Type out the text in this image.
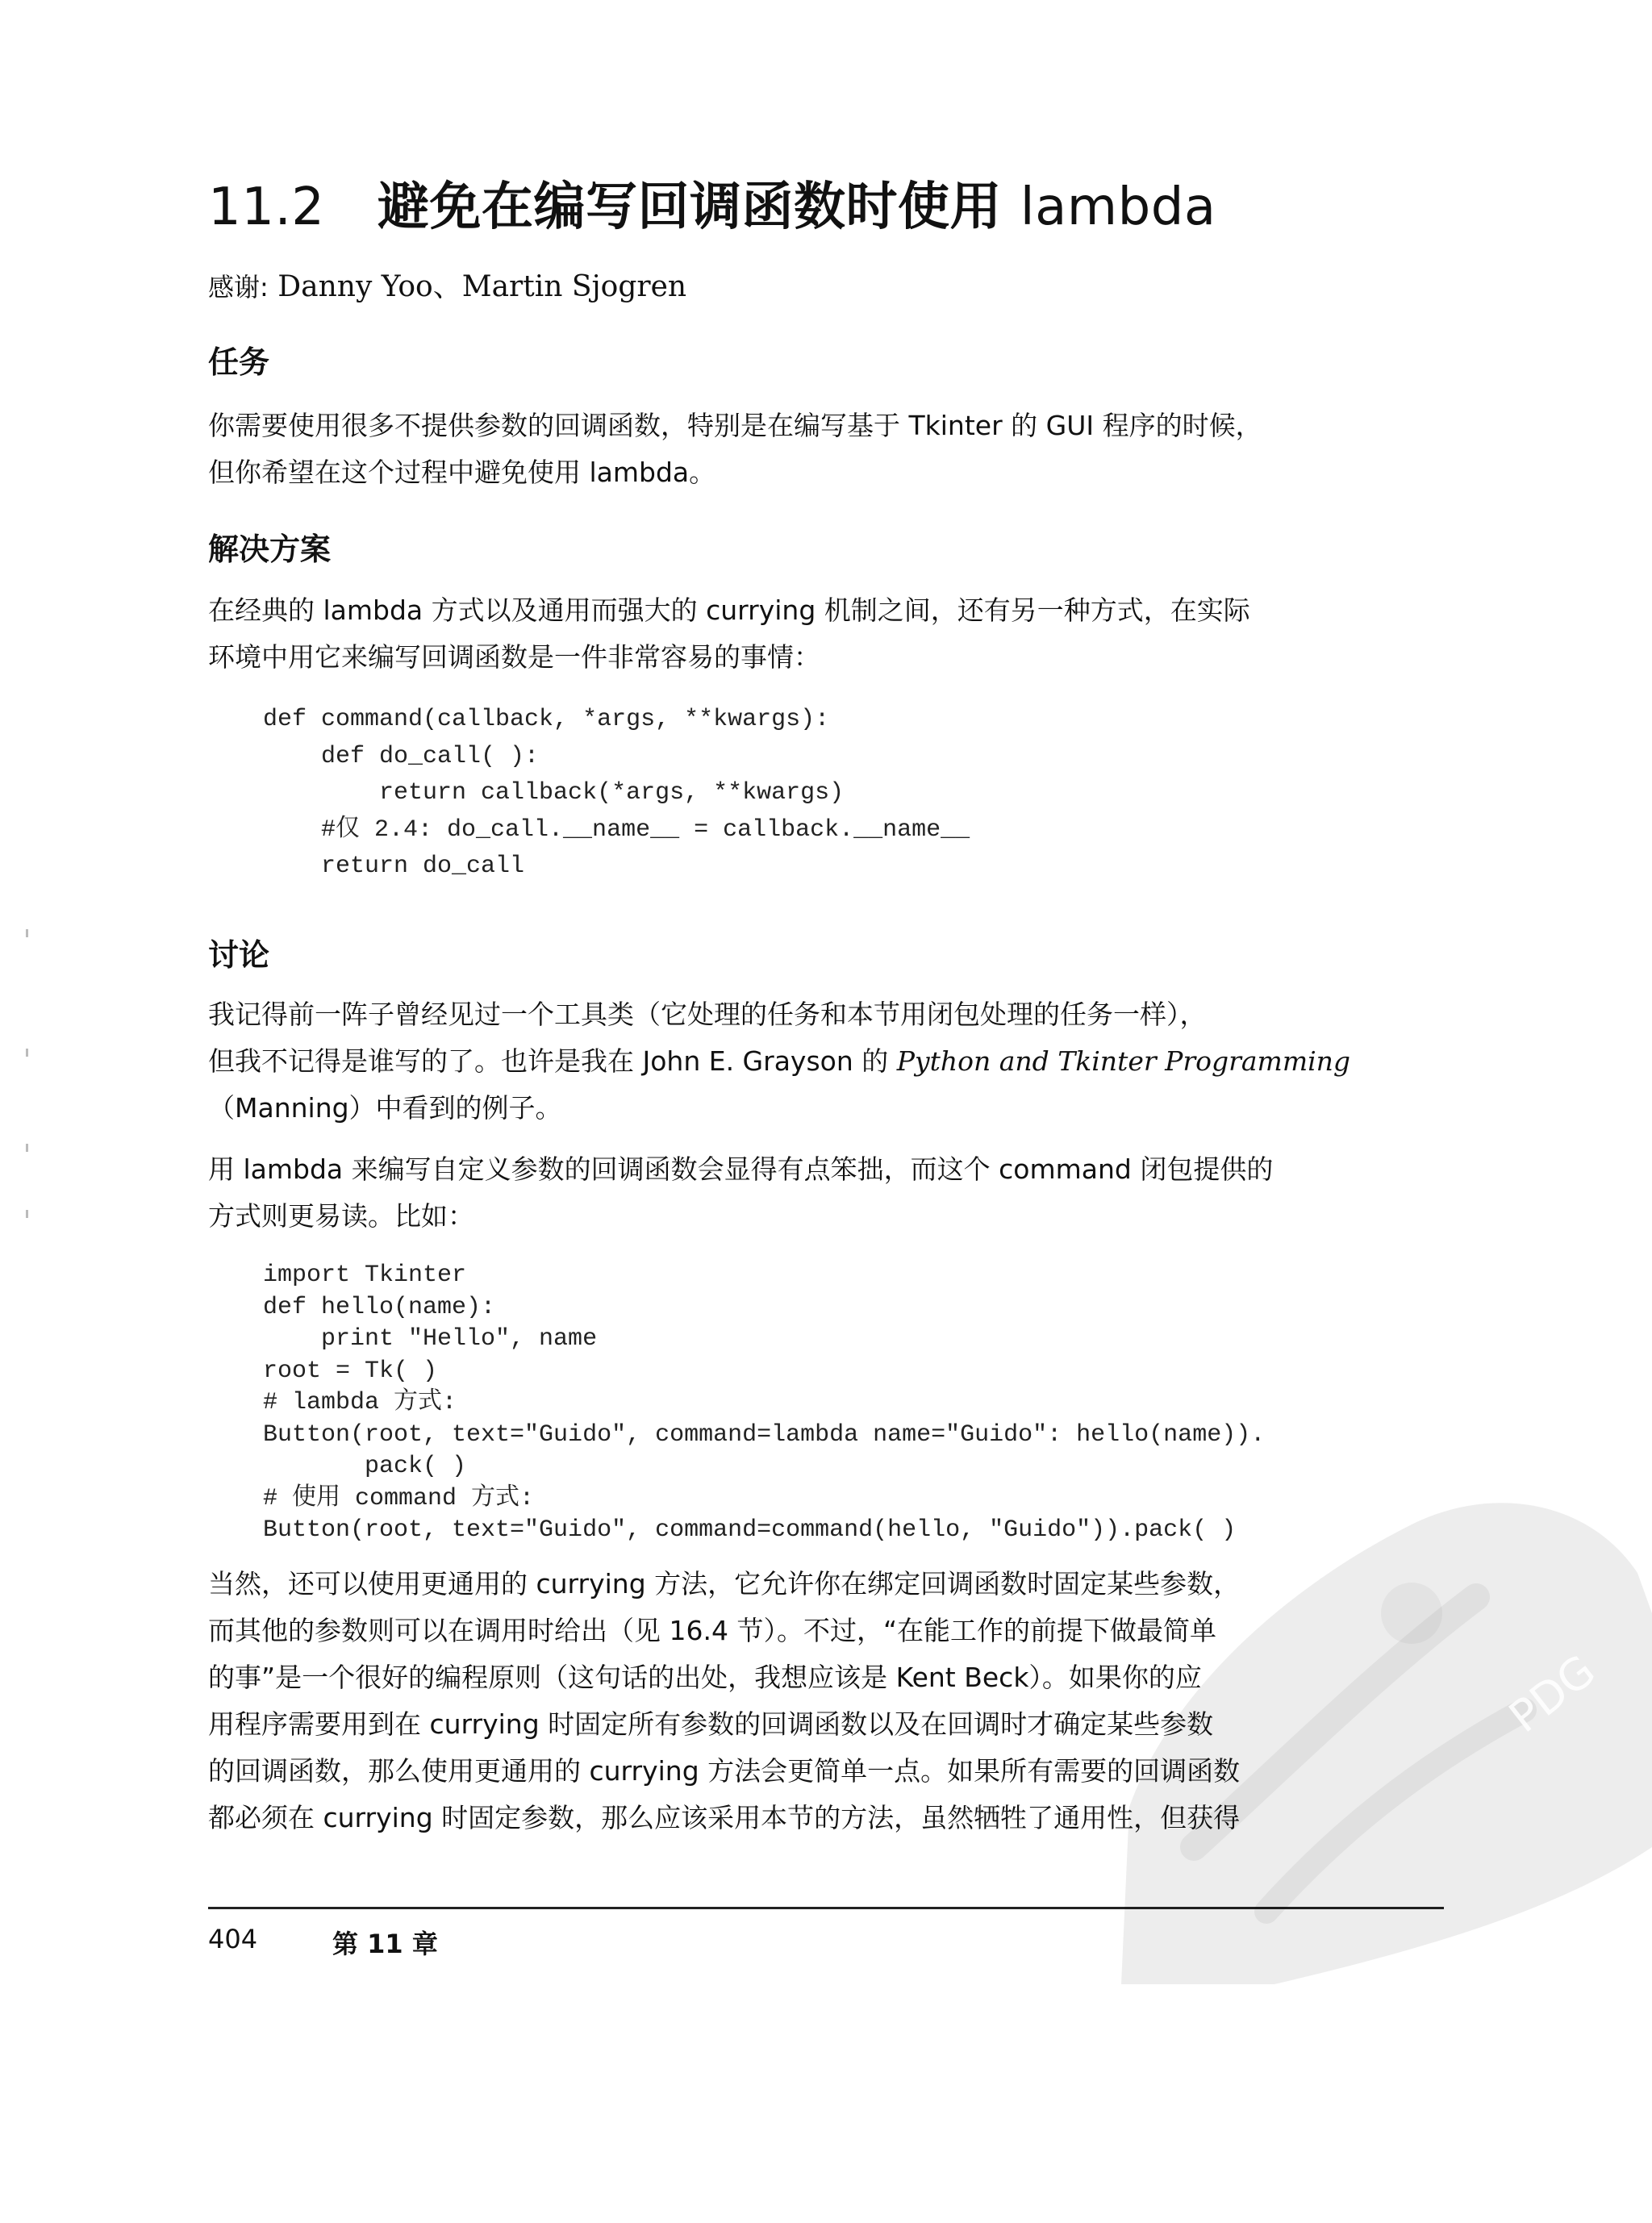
11.2 避免在编写回调函数时使用 lambda
感谢: Danny Yoo、Martin Sjogren
任务

你需要使用很多不提供参数的回调函数，特别是在编写基于 Tkinter 的 GUI 程序的时候，
但你希望在这个过程中避免使用 lambda。

解决方案

在经典的 lambda 方式以及通用而强大的 currying 机制之间，还有另一种方式，在实际
环境中用它来编写回调函数是一件非常容易的事情：

def command(callback, *args, **kwargs):
def do_call( ):
return callback(*args, **kwargs)
#仅 2.4: do_call.__name__ = callback.__name__
return do_call
讨论

我记得前一阵子曾经见过一个工具类（它处理的任务和本节用闭包处理的任务一样），
但我不记得是谁写的了。也许是我在 John E. Grayson 的 Python and Tkinter Programming
（Manning）中看到的例子。

用 lambda 来编写自定义参数的回调函数会显得有点笨拙，而这个 command 闭包提供的
方式则更易读。比如：

import Tkinter
def hello(name):
print "Hello", name
root = Tk( )
# lambda 方式:
Button(root, text="Guido", command=lambda name="Guido": hello(name)).
pack( )
# 使用 command 方式:
Button(root, text="Guido", command=command(hello, "Guido")).pack( )

当然，还可以使用更通用的 currying 方法，它允许你在绑定回调函数时固定某些参数，
而其他的参数则可以在调用时给出（见 16.4 节）。不过，“在能工作的前提下做最简单
的事”是一个很好的编程原则（这句话的出处，我想应该是 Kent Beck）。如果你的应
用程序需要用到在 currying 时固定所有参数的回调函数以及在回调时才确定某些参数
的回调函数，那么使用更通用的 currying 方法会更简单一点。如果所有需要的回调函数
都必须在 currying 时固定参数，那么应该采用本节的方法，虽然牺牲了通用性，但获得

404	第 11 章
PDG
